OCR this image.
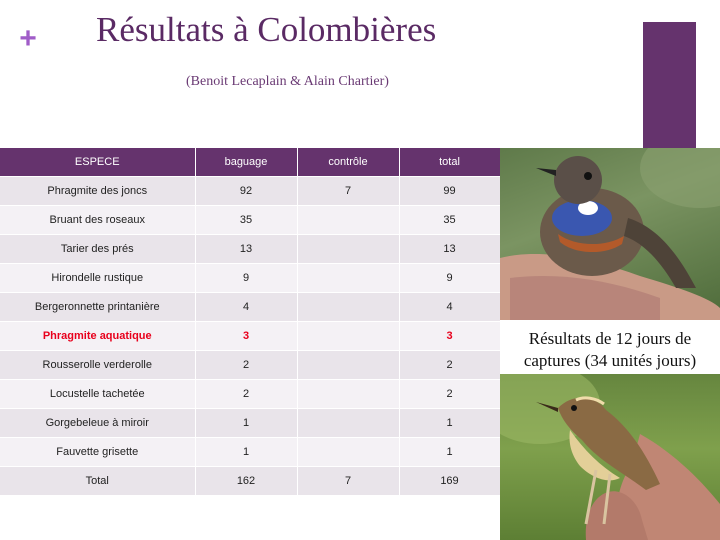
+ Résultats à Colombières
(Benoit Lecaplain & Alain Chartier)
ESPECE	baguage	contrôle	total
Phragmite des joncs	92	7	99
Bruant des roseaux	35		35
Tarier des prés	13		13
Hirondelle rustique	9		9
Bergeronnette printanière	4		4
Phragmite aquatique	3		3
Rousserolle verderolle	2		2
Locustelle tachetée	2		2
Gorgebeleue à miroir	1		1
Fauvette grisette	1		1
Total	162	7	169
Résultats de 12 jours de
captures (34 unités jours)
